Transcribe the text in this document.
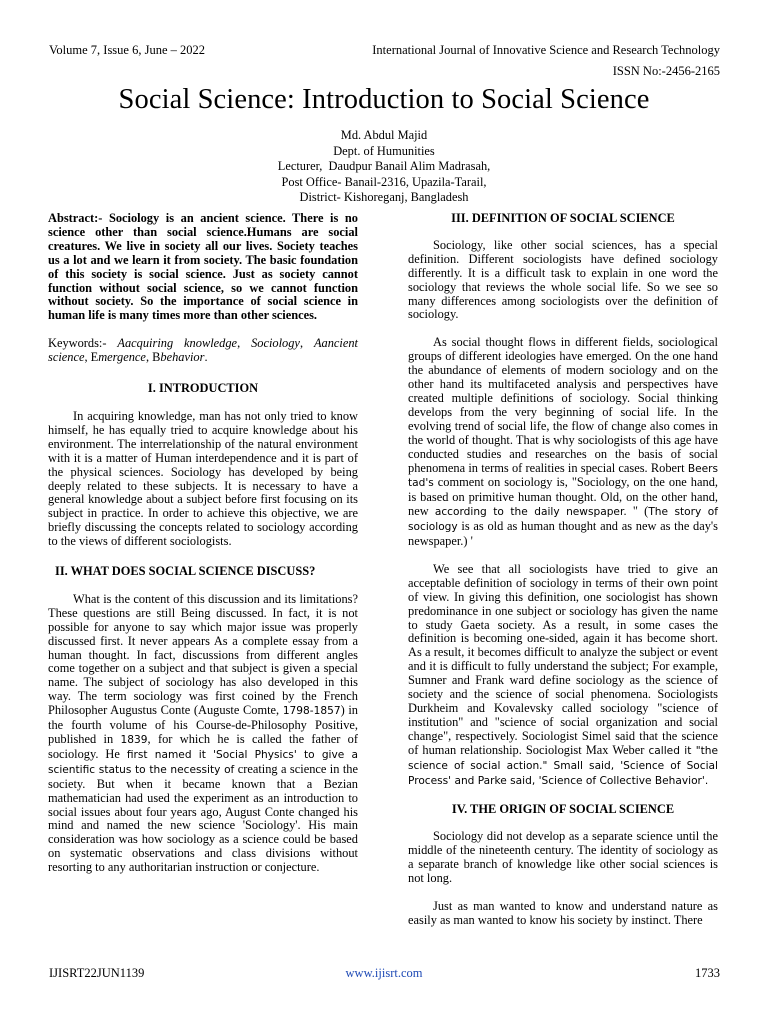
Volume 7, Issue 6, June – 2022	International Journal of Innovative Science and Research Technology
ISSN No:-2456-2165
Social Science: Introduction to Social Science
Md. Abdul Majid
Dept. of Humunities
Lecturer,  Daudpur Banail Alim Madrasah,
Post Office- Banail-2316, Upazila-Tarail,
District- Kishoreganj, Bangladesh

Abstract:- Sociology is an ancient science. There is no science other than social science.Humans are social creatures. We live in society all our lives. Society teaches us a lot and we learn it from society. The basic foundation of this society is social science. Just as society cannot function without social science, so we cannot function without society. So the importance of social science in human life is many times more than other sciences.

Keywords:- Aacquiring knowledge, Sociology, Aancient science, Emergence, Bbehavior.

I. INTRODUCTION

In acquiring knowledge, man has not only tried to know himself, he has equally tried to acquire knowledge about his environment. The interrelationship of the natural environment with it is a matter of Human interdependence and it is part of the physical sciences. Sociology has developed by being deeply related to these subjects. It is necessary to have a general knowledge about a subject before first focusing on its subject in practice. In order to achieve this objective, we are briefly discussing the concepts related to sociology according to the views of different sociologists.

II. WHAT DOES SOCIAL SCIENCE DISCUSS?

What is the content of this discussion and its limitations? These questions are still Being discussed. In fact, it is not possible for anyone to say which major issue was properly discussed first. It never appears As a complete essay from a human thought. In fact, discussions from different angles come together on a subject and that subject is given a special name. The subject of sociology has also developed in this way. The term sociology was first coined by the French Philosopher Augustus Conte (Auguste Comte, 1798-1857) in the fourth volume of his Course-de-Philosophy Positive, published in 1839, for which he is called the father of sociology. He first named it 'Social Physics' to give a scientific status to the necessity of creating a science in the society. But when it became known that a Bezian mathematician had used the experiment as an introduction to social issues about four years ago, August Conte changed his mind and named the new science 'Sociology'. His main consideration was how sociology as a science could be based on systematic observations and class divisions without resorting to any authoritarian instruction or conjecture.

III. DEFINITION OF SOCIAL SCIENCE

Sociology, like other social sciences, has a special definition. Different sociologists have defined sociology differently. It is a difficult task to explain in one word the sociology that reviews the whole social life. So we see so many differences among sociologists over the definition of sociology.

As social thought flows in different fields, sociological groups of different ideologies have emerged. On the one hand the abundance of elements of modern sociology and on the other hand its multifaceted analysis and perspectives have created multiple definitions of sociology. Social thinking develops from the very beginning of social life. In the evolving trend of social life, the flow of change also comes in the world of thought. That is why sociologists of this age have conducted studies and researches on the basis of social phenomena in terms of realities in special cases. Robert Beers tad's comment on sociology is, "Sociology, on the one hand, is based on primitive human thought. Old, on the other hand, new according to the daily newspaper. " (The story of sociology is as old as human thought and as new as the day's newspaper.) '

We see that all sociologists have tried to give an acceptable definition of sociology in terms of their own point of view. In giving this definition, one sociologist has shown predominance in one subject or sociology has given the name to study Gaeta society. As a result, in some cases the definition is becoming one-sided, again it has become short. As a result, it becomes difficult to analyze the subject or event and it is difficult to fully understand the subject; For example, Sumner and Frank ward define sociology as the science of society and the science of social phenomena. Sociologists Durkheim and Kovalevsky called sociology "science of institution" and "science of social organization and social change", respectively. Sociologist Simel said that the science of human relationship. Sociologist Max Weber called it "the science of social action." Small said, 'Science of Social Process' and Parke said, 'Science of Collective Behavior'.

IV. THE ORIGIN OF SOCIAL SCIENCE

Sociology did not develop as a separate science until the middle of the nineteenth century. The identity of sociology as a separate branch of knowledge like other social sciences is not long.

Just as man wanted to know and understand nature as easily as man wanted to know his society by instinct. There

IJISRT22JUN1139	www.ijisrt.com	1733
